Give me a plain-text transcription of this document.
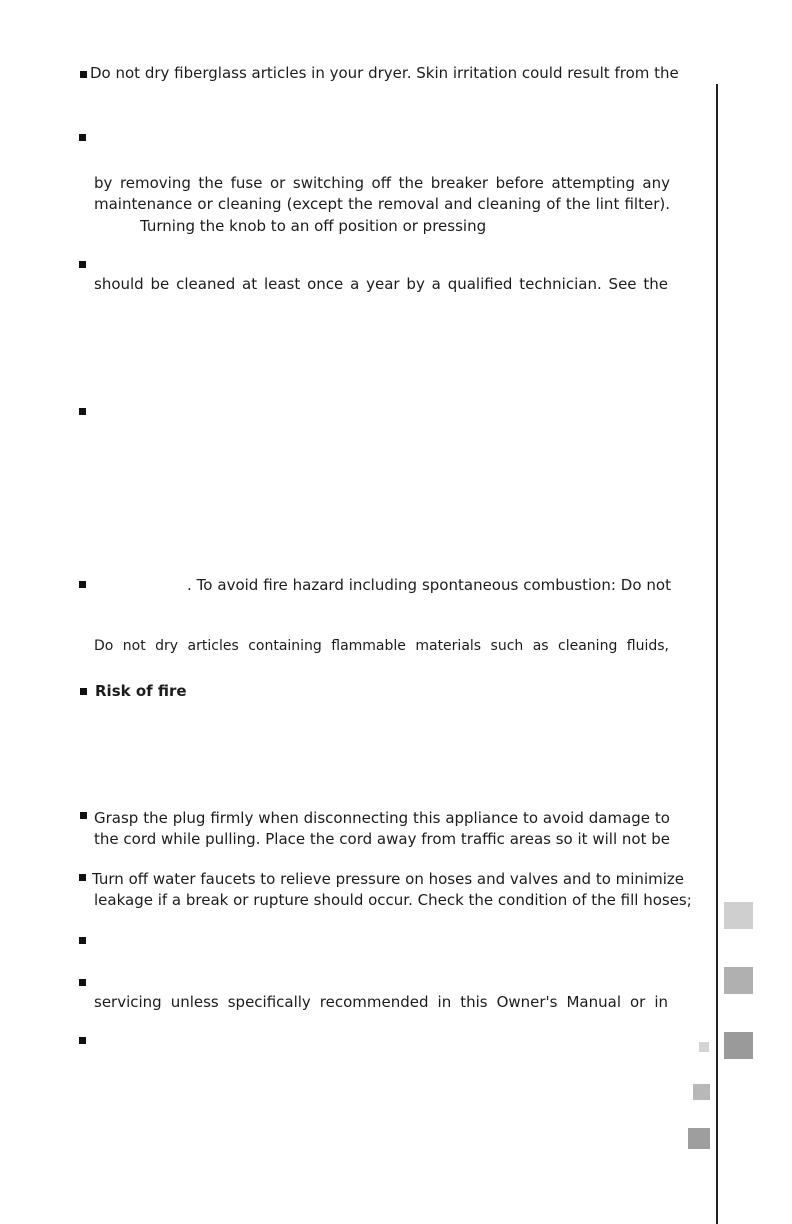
Do not dry fiberglass articles in your dryer. Skin irritation could result from the
by removing the fuse or switching off the breaker before attempting any
maintenance or cleaning (except the removal and cleaning of the lint filter).
Turning the knob to an off position or pressing
should be cleaned at least once a year by a qualified technician. See the
. To avoid fire hazard including spontaneous combustion: Do not
Do not dry articles containing flammable materials such as cleaning fluids,
Risk of fire
Grasp the plug firmly when disconnecting this appliance to avoid damage to
the cord while pulling. Place the cord away from traffic areas so it will not be
Turn off water faucets to relieve pressure on hoses and valves and to minimize
leakage if a break or rupture should occur. Check the condition of the fill hoses;
servicing unless specifically recommended in this Owner's Manual or in
